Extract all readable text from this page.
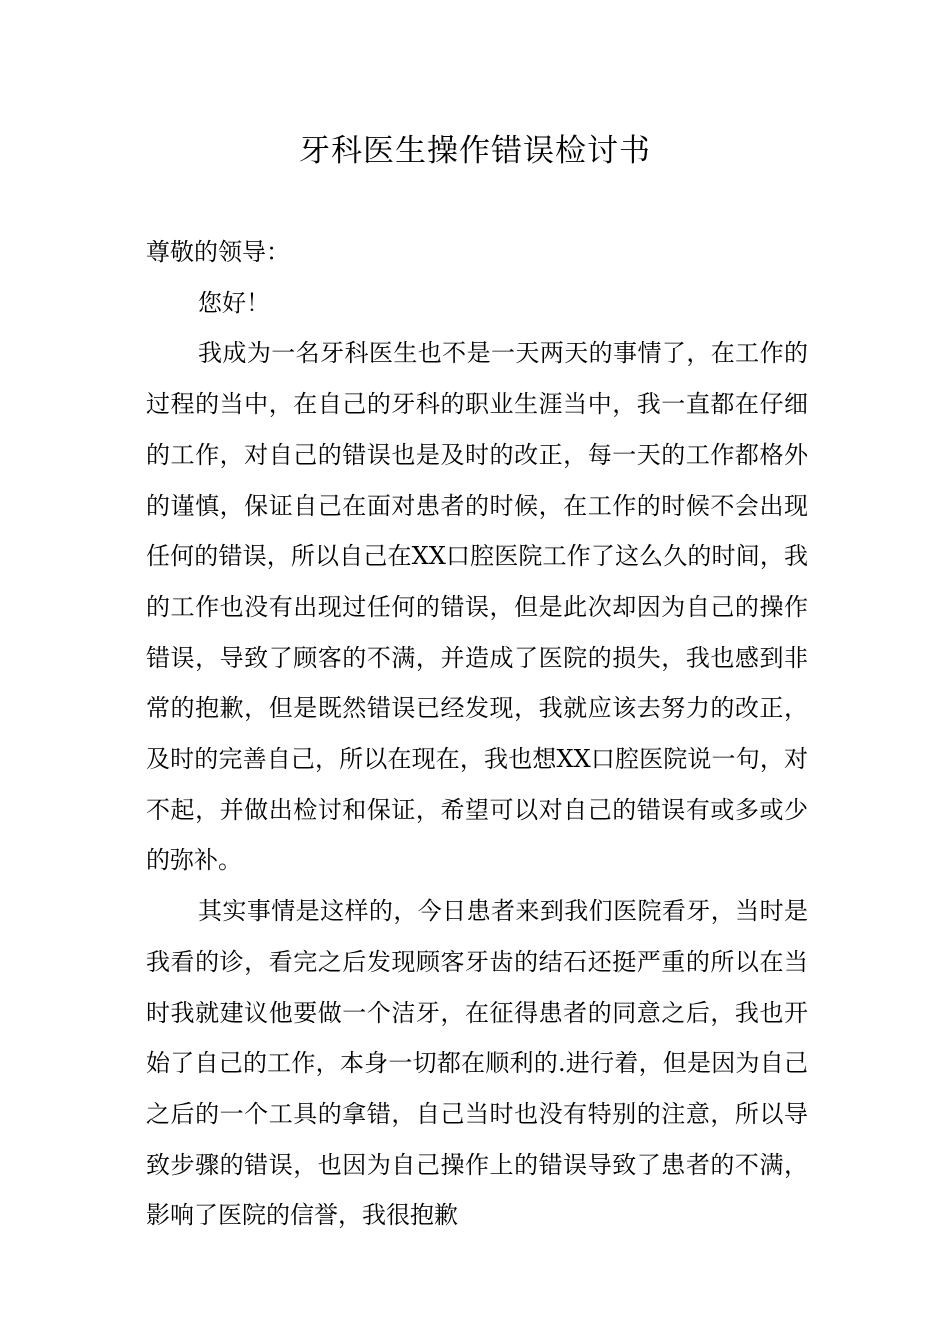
牙科医生操作错误检讨书

尊敬的领导：

您好！

我成为一名牙科医生也不是一天两天的事情了，在工作的过程的当中，在自己的牙科的职业生涯当中，我一直都在仔细的工作，对自己的错误也是及时的改正，每一天的工作都格外的谨慎，保证自己在面对患者的时候，在工作的时候不会出现任何的错误，所以自己在XX口腔医院工作了这么久的时间，我的工作也没有出现过任何的错误，但是此次却因为自己的操作错误，导致了顾客的不满，并造成了医院的损失，我也感到非常的抱歉，但是既然错误已经发现，我就应该去努力的改正，及时的完善自己，所以在现在，我也想XX口腔医院说一句，对不起，并做出检讨和保证，希望可以对自己的错误有或多或少的弥补。

其实事情是这样的，今日患者来到我们医院看牙，当时是我看的诊，看完之后发现顾客牙齿的结石还挺严重的所以在当时我就建议他要做一个洁牙，在征得患者的同意之后，我也开始了自己的工作，本身一切都在顺利的.进行着，但是因为自己之后的一个工具的拿错，自己当时也没有特别的注意，所以导致步骤的错误，也因为自己操作上的错误导致了患者的不满，影响了医院的信誉，我很抱歉
